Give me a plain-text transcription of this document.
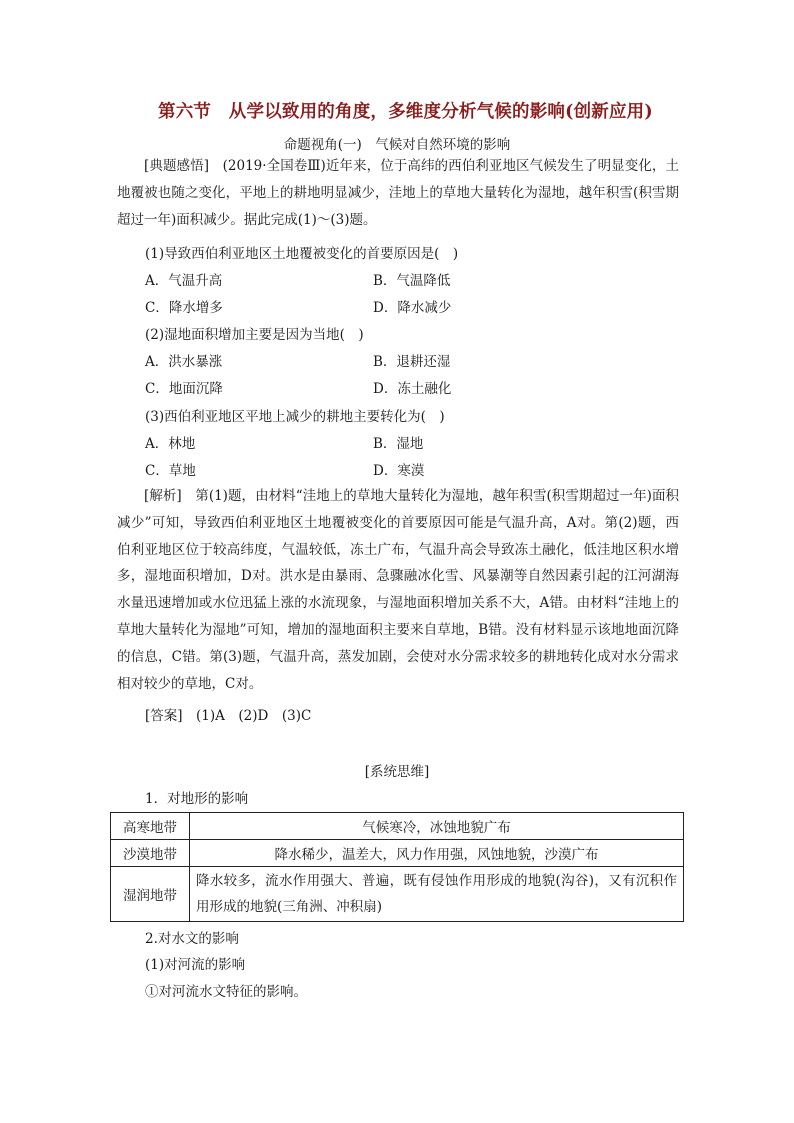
第六节　从学以致用的角度，多维度分析气候的影响(创新应用)
命题视角(一)　气候对自然环境的影响
[典题感悟]　(2019·全国卷Ⅲ)近年来，位于高纬的西伯利亚地区气候发生了明显变化，土地覆被也随之变化，平地上的耕地明显减少，洼地上的草地大量转化为湿地，越年积雪(积雪期超过一年)面积减少。据此完成(1)～(3)题。
(1)导致西伯利亚地区土地覆被变化的首要原因是(　)
A．气温升高	B．气温降低
C．降水增多	D．降水减少
(2)湿地面积增加主要是因为当地(　)
A．洪水暴涨	B．退耕还湿
C．地面沉降	D．冻土融化
(3)西伯利亚地区平地上减少的耕地主要转化为(　)
A．林地	B．湿地
C．草地	D．寒漠
[解析]　第(1)题，由材料“洼地上的草地大量转化为湿地，越年积雪(积雪期超过一年)面积减少”可知，导致西伯利亚地区土地覆被变化的首要原因可能是气温升高，A对。第(2)题，西伯利亚地区位于较高纬度，气温较低，冻土广布，气温升高会导致冻土融化，低洼地区积水增多，湿地面积增加，D对。洪水是由暴雨、急骤融冰化雪、风暴潮等自然因素引起的江河湖海水量迅速增加或水位迅猛上涨的水流现象，与湿地面积增加关系不大，A错。由材料“洼地上的草地大量转化为湿地”可知，增加的湿地面积主要来自草地，B错。没有材料显示该地地面沉降的信息，C错。第(3)题，气温升高，蒸发加剧，会使对水分需求较多的耕地转化成对水分需求相对较少的草地，C对。
[答案]　(1)A　(2)D　(3)C
[系统思维]
1．对地形的影响
高寒地带	气候寒冷，冰蚀地貌广布
沙漠地带	降水稀少，温差大，风力作用强，风蚀地貌，沙漠广布
湿润地带	降水较多，流水作用强大、普遍，既有侵蚀作用形成的地貌(沟谷)，又有沉积作用形成的地貌(三角洲、冲积扇)
2.对水文的影响
(1)对河流的影响
①对河流水文特征的影响。
